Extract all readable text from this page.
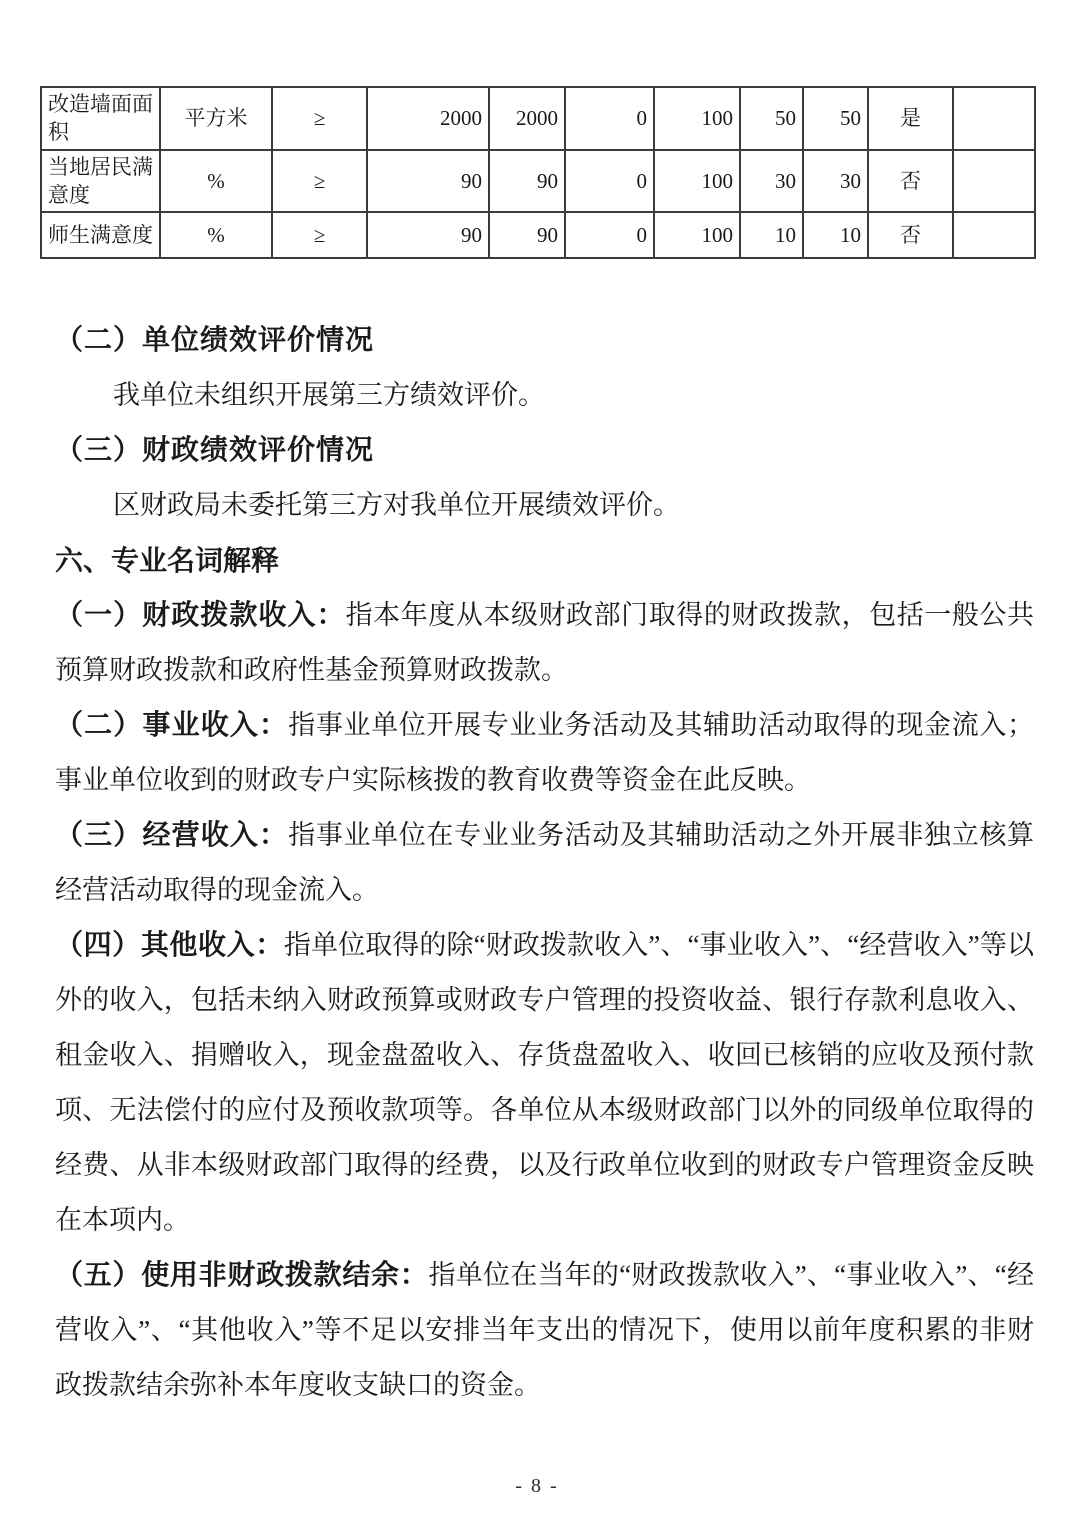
改造墙面面积	平方米	≥	2000	2000	0	100	50	50	是	
当地居民满意度	%	≥	90	90	0	100	30	30	否	
师生满意度	%	≥	90	90	0	100	10	10	否	

（二）单位绩效评价情况

我单位未组织开展第三方绩效评价。

（三）财政绩效评价情况

区财政局未委托第三方对我单位开展绩效评价。

六、专业名词解释

（一）财政拨款收入：指本年度从本级财政部门取得的财政拨款，包括一般公共预算财政拨款和政府性基金预算财政拨款。

（二）事业收入：指事业单位开展专业业务活动及其辅助活动取得的现金流入；事业单位收到的财政专户实际核拨的教育收费等资金在此反映。

（三）经营收入：指事业单位在专业业务活动及其辅助活动之外开展非独立核算经营活动取得的现金流入。

（四）其他收入：指单位取得的除“财政拨款收入”、“事业收入”、“经营收入”等以外的收入，包括未纳入财政预算或财政专户管理的投资收益、银行存款利息收入、租金收入、捐赠收入，现金盘盈收入、存货盘盈收入、收回已核销的应收及预付款项、无法偿付的应付及预收款项等。各单位从本级财政部门以外的同级单位取得的经费、从非本级财政部门取得的经费，以及行政单位收到的财政专户管理资金反映在本项内。

（五）使用非财政拨款结余：指单位在当年的“财政拨款收入”、“事业收入”、“经营收入”、“其他收入”等不足以安排当年支出的情况下，使用以前年度积累的非财政拨款结余弥补本年度收支缺口的资金。

- 8 -
